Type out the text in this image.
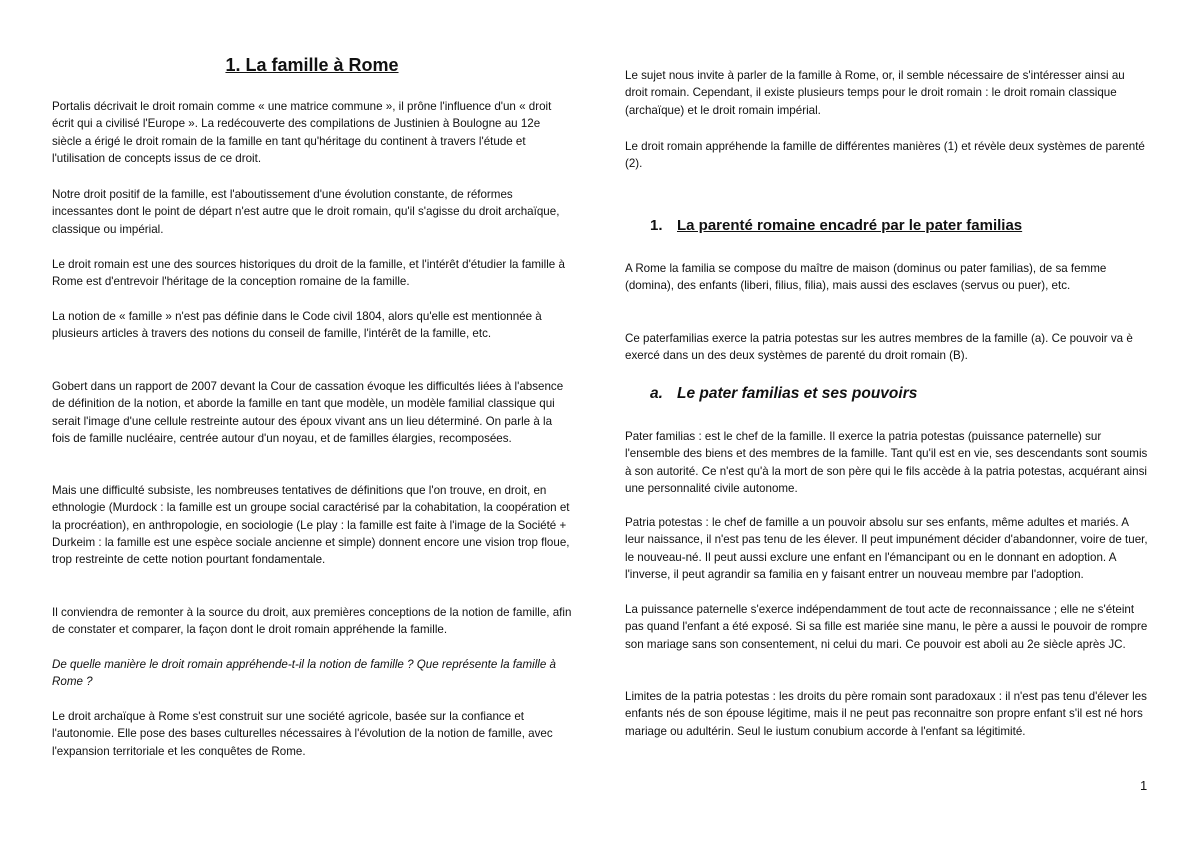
1. La famille à Rome

Portalis décrivait le droit romain comme « une matrice commune », il prône l'influence d'un « droit écrit qui a civilisé l'Europe ». La redécouverte des compilations de Justinien à Boulogne au 12e siècle a érigé le droit romain de la famille en tant qu'héritage du continent à travers l'étude et l'utilisation de concepts issus de ce droit.

Notre droit positif de la famille, est l'aboutissement d'une évolution constante, de réformes incessantes dont le point de départ n'est autre que le droit romain, qu'il s'agisse du droit archaïque, classique ou impérial.

Le droit romain est une des sources historiques du droit de la famille, et l'intérêt d'étudier la famille à Rome est d'entrevoir l'héritage de la conception romaine de la famille.

La notion de « famille » n'est pas définie dans le Code civil 1804, alors qu'elle est mentionnée à plusieurs articles à travers des notions du conseil de famille, l'intérêt de la famille, etc.

Gobert dans un rapport de 2007 devant la Cour de cassation évoque les difficultés liées à l'absence de définition de la notion, et aborde la famille en tant que modèle, un modèle familial classique qui serait l'image d'une cellule restreinte autour des époux vivant ans un lieu déterminé. On parle à la fois de famille nucléaire, centrée autour d'un noyau, et de familles élargies, recomposées.

Mais une difficulté subsiste, les nombreuses tentatives de définitions que l'on trouve, en droit, en ethnologie (Murdock : la famille est un groupe social caractérisé par la cohabitation, la coopération et la procréation), en anthropologie, en sociologie (Le play : la famille est faite à l'image de la Société + Durkeim : la famille est une espèce sociale ancienne et simple) donnent encore une vision trop floue, trop restreinte de cette notion pourtant fondamentale.

Il conviendra de remonter à la source du droit, aux premières conceptions de la notion de famille, afin de constater et comparer, la façon dont le droit romain appréhende la famille.

De quelle manière le droit romain appréhende-t-il la notion de famille ? Que représente la famille à Rome ?

Le droit archaïque à Rome s'est construit sur une société agricole, basée sur la confiance et l'autonomie. Elle pose des bases culturelles nécessaires à l'évolution de la notion de famille, avec l'expansion territoriale et les conquêtes de Rome.

Le sujet nous invite à parler de la famille à Rome, or, il semble nécessaire de s'intéresser ainsi au droit romain. Cependant, il existe plusieurs temps pour le droit romain : le droit romain classique (archaïque) et le droit romain impérial.

Le droit romain appréhende la famille de différentes manières (1) et révèle deux systèmes de parenté (2).

1. La parenté romaine encadré par le pater familias

A Rome la familia se compose du maître de maison (dominus ou pater familias), de sa femme (domina), des enfants (liberi, filius, filia), mais aussi des esclaves (servus ou puer), etc.

Ce paterfamilias exerce la patria potestas sur les autres membres de la famille (a). Ce pouvoir va è exercé dans un des deux systèmes de parenté du droit romain (B).

a. Le pater familias et ses pouvoirs

Pater familias : est le chef de la famille. Il exerce la patria potestas (puissance paternelle) sur l'ensemble des biens et des membres de la famille. Tant qu'il est en vie, ses descendants sont soumis à son autorité. Ce n'est qu'à la mort de son père qui le fils accède à la patria potestas, acquérant ainsi une personnalité civile autonome.

Patria potestas : le chef de famille a un pouvoir absolu sur ses enfants, même adultes et mariés. A leur naissance, il n'est pas tenu de les élever. Il peut impunément décider d'abandonner, voire de tuer, le nouveau-né. Il peut aussi exclure une enfant en l'émancipant ou en le donnant en adoption. A l'inverse, il peut agrandir sa familia en y faisant entrer un nouveau membre par l'adoption.

La puissance paternelle s'exerce indépendamment de tout acte de reconnaissance ; elle ne s'éteint pas quand l'enfant a été exposé. Si sa fille est mariée sine manu, le père a aussi le pouvoir de rompre son mariage sans son consentement, ni celui du mari. Ce pouvoir est aboli au 2e siècle après JC.

Limites de la patria potestas : les droits du père romain sont paradoxaux : il n'est pas tenu d'élever les enfants nés de son épouse légitime, mais il ne peut pas reconnaitre son propre enfant s'il est né hors mariage ou adultérin. Seul le iustum conubium accorde à l'enfant sa légitimité.

1
